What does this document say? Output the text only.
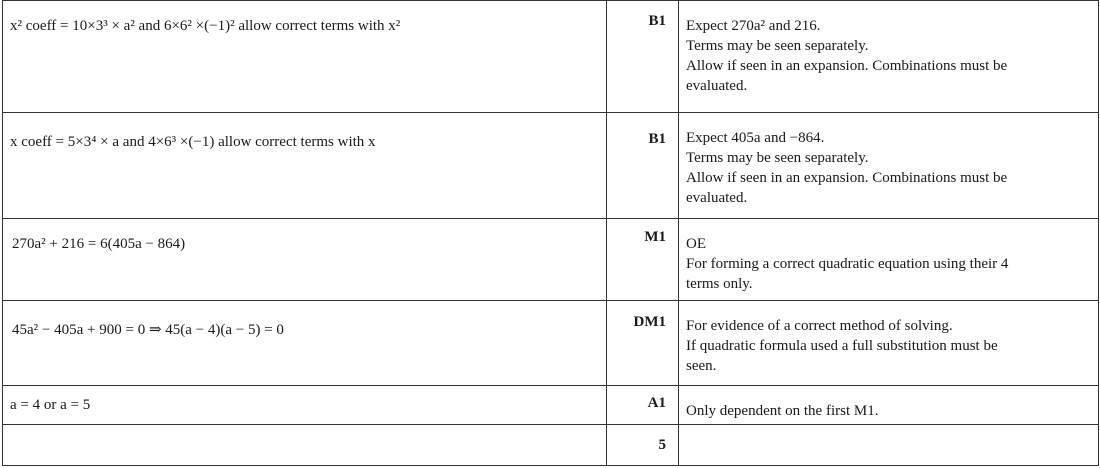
x² coeff = 10×3³ × a² and 6×6² ×(−1)² allow correct terms with x²	B1	Expect 270a² and 216.
Terms may be seen separately.
Allow if seen in an expansion. Combinations must be
evaluated.

x coeff = 5×3⁴ × a and 4×6³ ×(−1) allow correct terms with x	B1	Expect 405a and −864.
Terms may be seen separately.
Allow if seen in an expansion. Combinations must be
evaluated.

270a² + 216 = 6(405a − 864)	M1	OE
For forming a correct quadratic equation using their 4
terms only.

45a² − 405a + 900 = 0 ⇒ 45(a − 4)(a − 5) = 0	DM1	For evidence of a correct method of solving.
If quadratic formula used a full substitution must be
seen.

a = 4 or a = 5	A1	Only dependent on the first M1.

	5	
